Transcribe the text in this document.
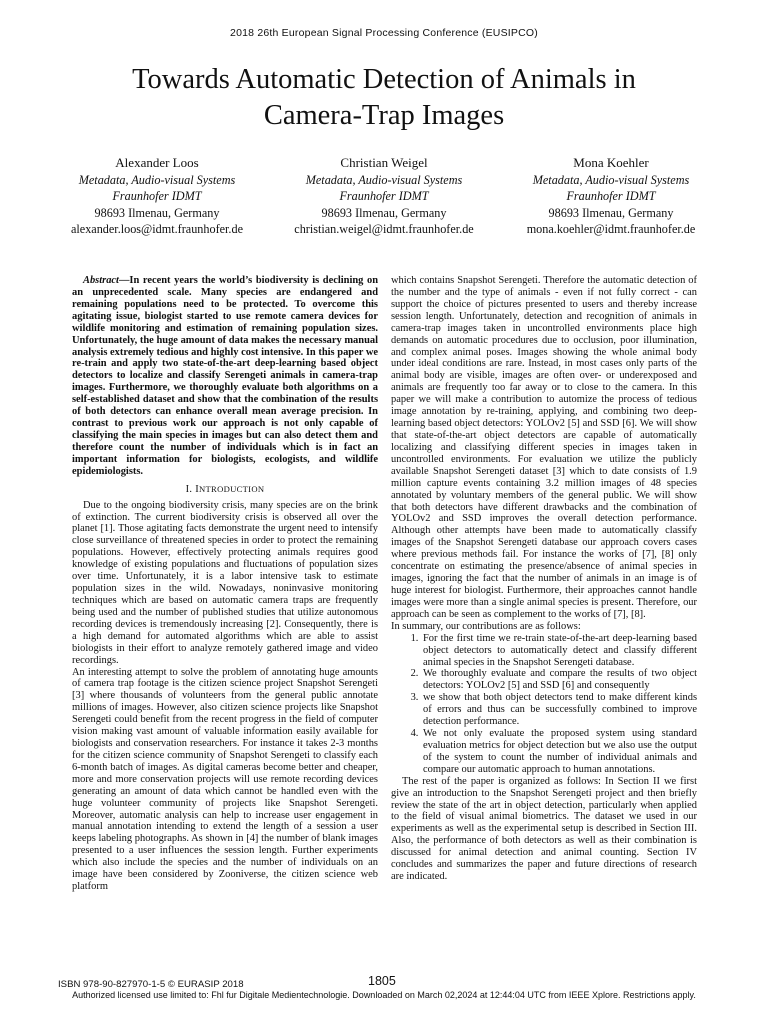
2018 26th European Signal Processing Conference (EUSIPCO)
Towards Automatic Detection of Animals in
Camera-Trap Images
Alexander Loos
Metadata, Audio-visual Systems
Fraunhofer IDMT
98693 Ilmenau, Germany
alexander.loos@idmt.fraunhofer.de
Christian Weigel
Metadata, Audio-visual Systems
Fraunhofer IDMT
98693 Ilmenau, Germany
christian.weigel@idmt.fraunhofer.de
Mona Koehler
Metadata, Audio-visual Systems
Fraunhofer IDMT
98693 Ilmenau, Germany
mona.koehler@idmt.fraunhofer.de

Abstract—In recent years the world’s biodiversity is declining on an unprecedented scale. Many species are endangered and remaining populations need to be protected. To overcome this agitating issue, biologist started to use remote camera devices for wildlife monitoring and estimation of remaining population sizes. Unfortunately, the huge amount of data makes the necessary manual analysis extremely tedious and highly cost intensive. In this paper we re-train and apply two state-of-the-art deep-learning based object detectors to localize and classify Serengeti animals in camera-trap images. Furthermore, we thoroughly evaluate both algorithms on a self-established dataset and show that the combination of the results of both detectors can enhance overall mean average precision. In contrast to previous work our approach is not only capable of classifying the main species in images but can also detect them and therefore count the number of individuals which is in fact an important information for biologists, ecologists, and wildlife epidemiologists.

I. INTRODUCTION

Due to the ongoing biodiversity crisis, many species are on the brink of extinction. The current biodiversity crisis is observed all over the planet [1]. Those agitating facts demonstrate the urgent need to intensify close surveillance of threatened species in order to protect the remaining populations. However, effectively protecting animals requires good knowledge of existing populations and fluctuations of population sizes over time. Unfortunately, it is a labor intensive task to estimate population sizes in the wild. Nowadays, noninvasive monitoring techniques which are based on automatic camera traps are frequently being used and the number of published studies that utilize autonomous recording devices is tremendously increasing [2]. Consequently, there is a high demand for automated algorithms which are able to assist biologists in their effort to analyze remotely gathered image and video recordings.

An interesting attempt to solve the problem of annotating huge amounts of camera trap footage is the citizen science project Snapshot Serengeti [3] where thousands of volunteers from the general public annotate millions of images. However, also citizen science projects like Snapshot Serengeti could benefit from the recent progress in the field of computer vision making vast amount of valuable information easily available for biologists and conservation researchers. For instance it takes 2-3 months for the citizen science community of Snapshot Serengeti to classify each 6-month batch of images. As digital cameras become better and cheaper, more and more conservation projects will use remote recording devices generating an amount of data which cannot be handled even with the huge volunteer community of projects like Snapshot Serengeti. Moreover, automatic analysis can help to increase user engagement in manual annotation intending to extend the length of a session a user keeps labeling photographs. As shown in [4] the number of blank images presented to a user influences the session length. Further experiments which also include the species and the number of individuals on an image have been considered by Zooniverse, the citizen science web platform

which contains Snapshot Serengeti. Therefore the automatic detection of the number and the type of animals - even if not fully correct - can support the choice of pictures presented to users and thereby increase session length. Unfortunately, detection and recognition of animals in camera-trap images taken in uncontrolled environments place high demands on automatic procedures due to occlusion, poor illumination, and complex animal poses. Images showing the whole animal body under ideal conditions are rare. Instead, in most cases only parts of the animal body are visible, images are often over- or underexposed and animals are frequently too far away or to close to the camera. In this paper we will make a contribution to automize the process of tedious image annotation by re-training, applying, and combining two deep-learning based object detectors: YOLOv2 [5] and SSD [6]. We will show that state-of-the-art object detectors are capable of automatically localizing and classifying different species in images taken in uncontrolled environments. For evaluation we utilize the publicly available Snapshot Serengeti dataset [3] which to date consists of 1.9 million capture events containing 3.2 million images of 48 species annotated by voluntary members of the general public. We will show that both detectors have different drawbacks and the combination of YOLOv2 and SSD improves the overall detection performance. Although other attempts have been made to automatically classify images of the Snapshot Serengeti database our approach covers cases where previous methods fail. For instance the works of [7], [8] only concentrate on estimating the presence/absence of animal species in images, ignoring the fact that the number of animals in an image is of huge interest for biologist. Furthermore, their approaches cannot handle images were more than a single animal species is present. Therefore, our approach can be seen as complement to the works of [7], [8].

In summary, our contributions are as follows:

1. For the first time we re-train state-of-the-art deep-learning based object detectors to automatically detect and classify different animal species in the Snapshot Serengeti database.
2. We thoroughly evaluate and compare the results of two object detectors: YOLOv2 [5] and SSD [6] and consequently
3. we show that both object detectors tend to make different kinds of errors and thus can be successfully combined to improve detection performance.
4. We not only evaluate the proposed system using standard evaluation metrics for object detection but we also use the output of the system to count the number of individual animals and compare our automatic approach to human annotations.

The rest of the paper is organized as follows: In Section II we first give an introduction to the Snapshot Serengeti project and then briefly review the state of the art in object detection, particularly when applied to the field of visual animal biometrics. The dataset we used in our experiments as well as the experimental setup is described in Section III. Also, the performance of both detectors as well as their combination is discussed for animal detection and animal counting. Section IV concludes and summarizes the paper and future directions of research are indicated.

ISBN 978-90-827970-1-5 © EURASIP 2018	1805
Authorized licensed use limited to: Fhl fur Digitale Medientechnologie. Downloaded on March 02,2024 at 12:44:04 UTC from IEEE Xplore. Restrictions apply.
